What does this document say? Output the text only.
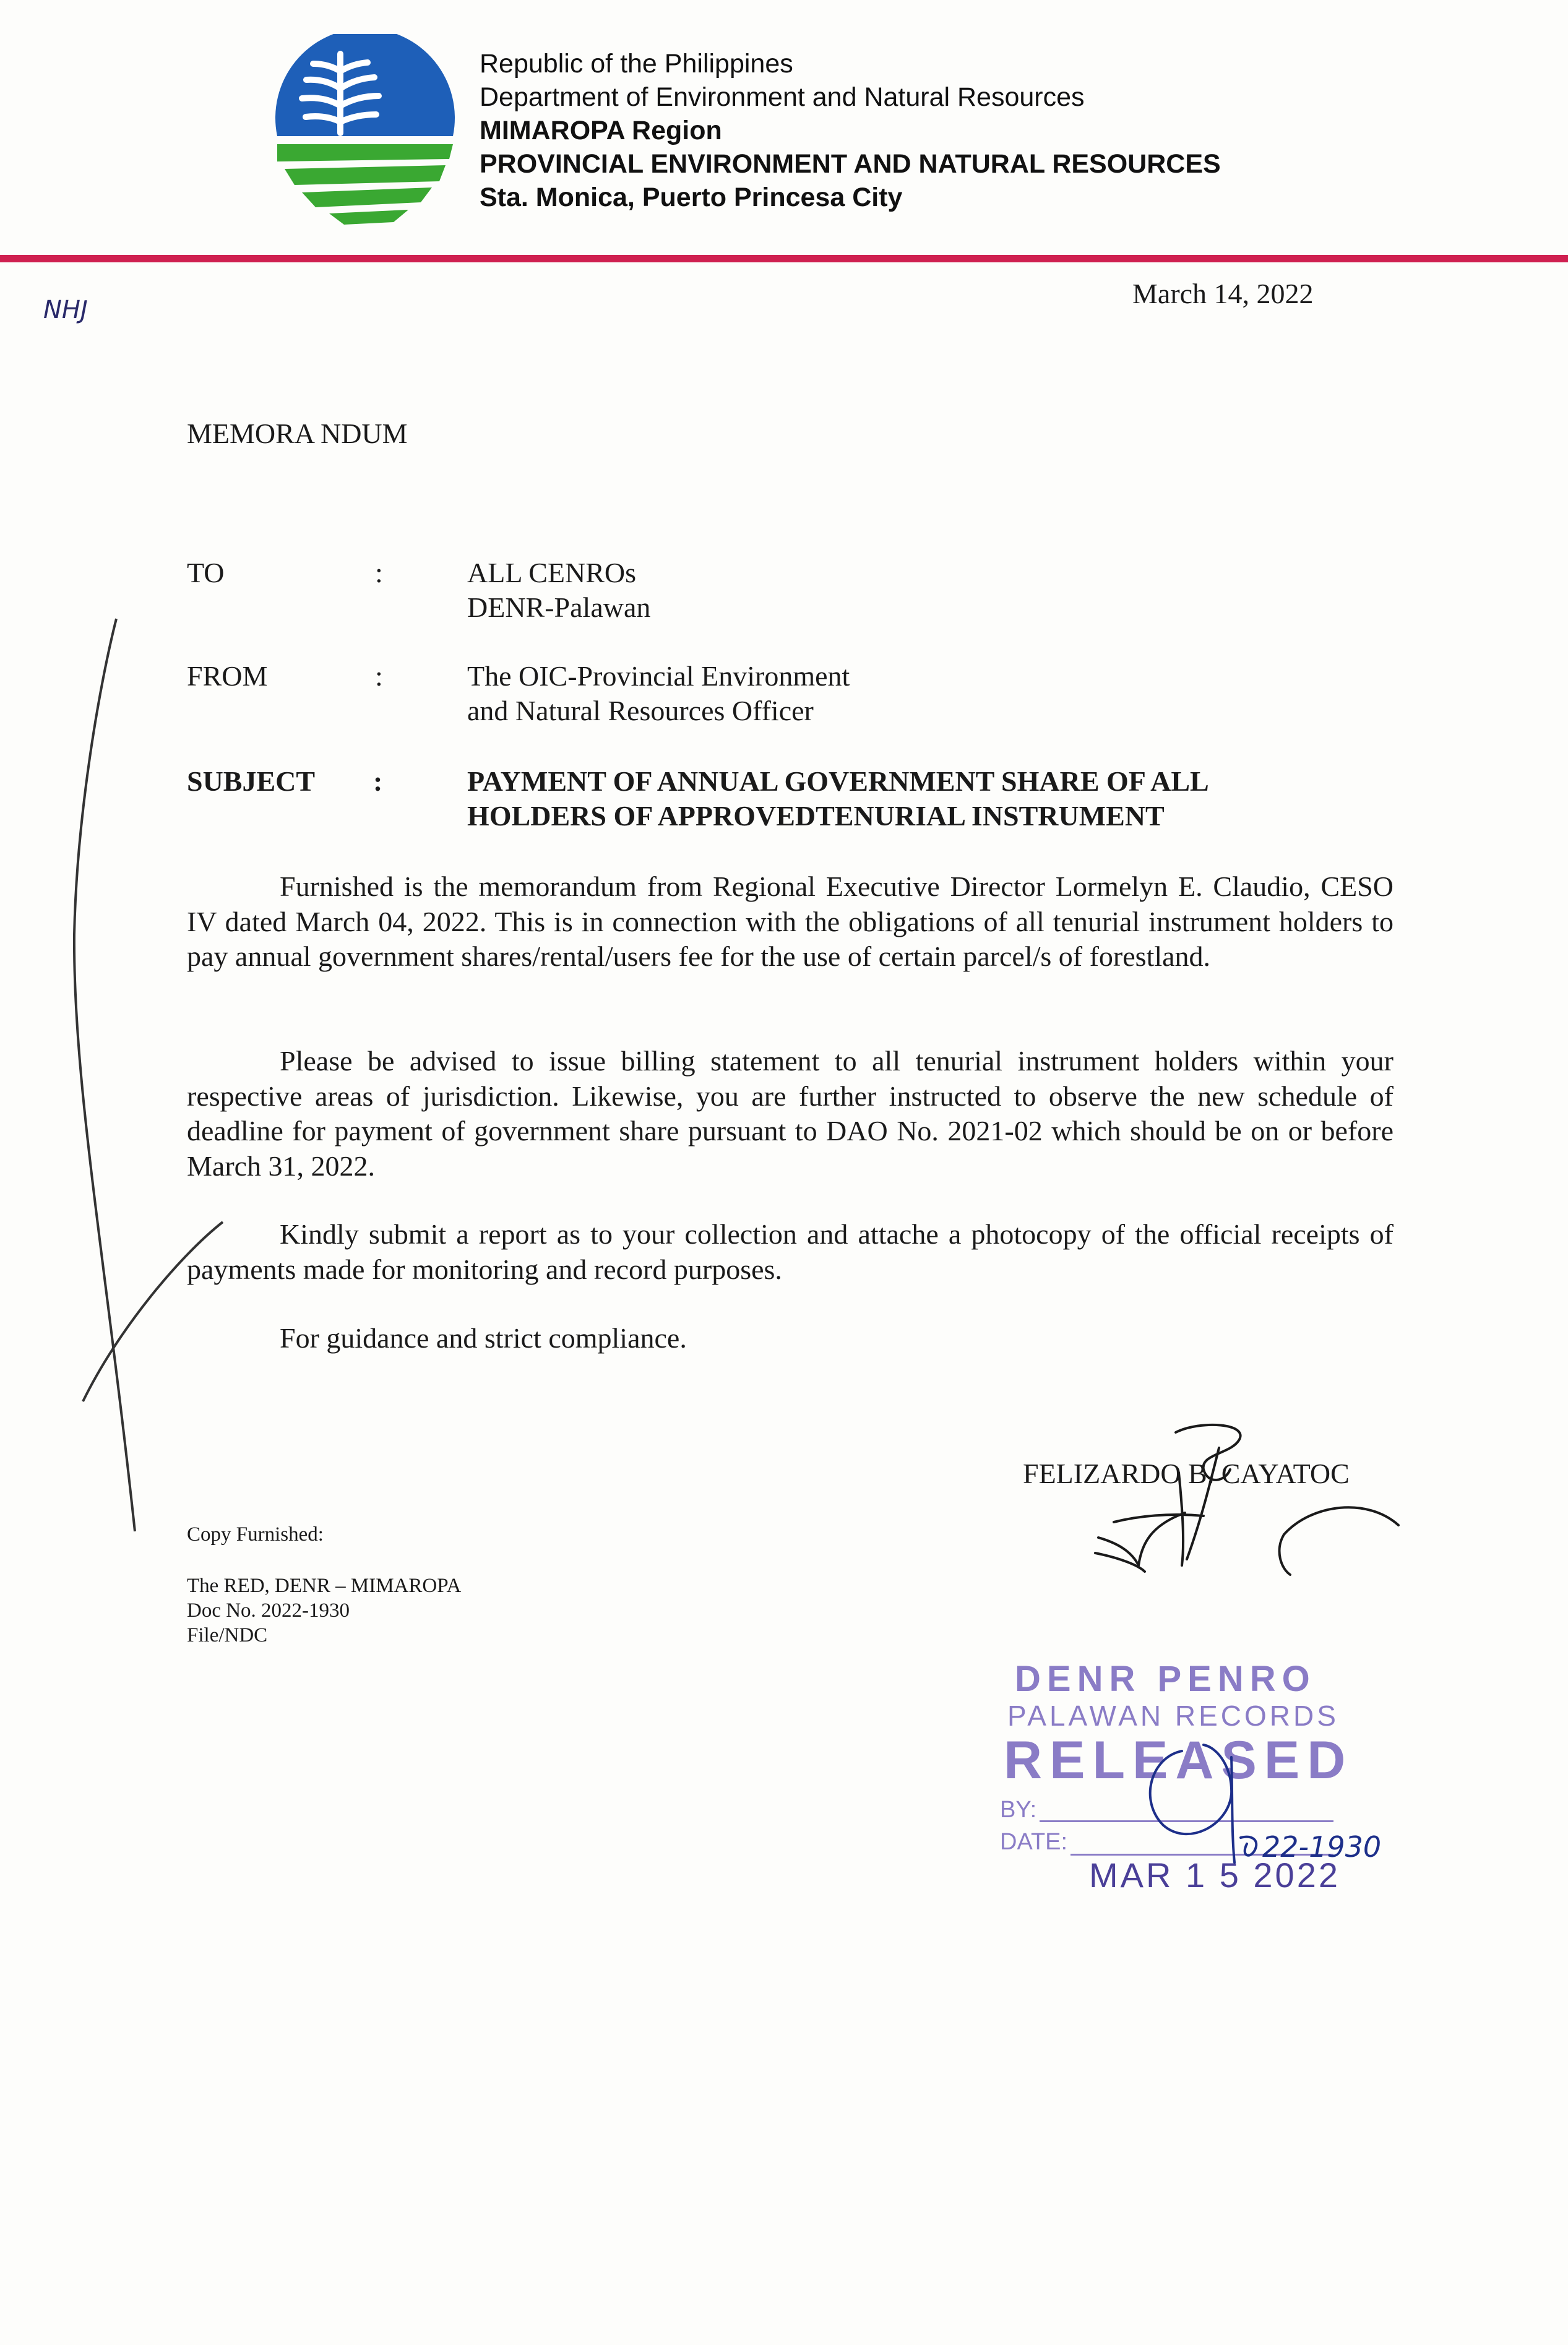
Republic of the Philippines
Department of Environment and Natural Resources
MIMAROPA Region
PROVINCIAL ENVIRONMENT AND NATURAL RESOURCES
Sta. Monica, Puerto Princesa City
NHJ
March 14, 2022
MEMORA NDUM
TO	:	ALL CENROs
DENR-Palawan
FROM	:	The OIC-Provincial Environment
and Natural Resources Officer
SUBJECT :	PAYMENT OF ANNUAL GOVERNMENT SHARE OF ALL
HOLDERS OF APPROVEDTENURIAL INSTRUMENT
Furnished is the memorandum from Regional Executive Director Lormelyn E. Claudio, CESO IV dated March 04, 2022. This is in connection with the obligations of all tenurial instrument holders to pay annual government shares/rental/users fee for the use of certain parcel/s of forestland.
Please be advised to issue billing statement to all tenurial instrument holders within your respective areas of jurisdiction. Likewise, you are further instructed to observe the new schedule of deadline for payment of government share pursuant to DAO No. 2021-02 which should be on or before March 31, 2022.
Kindly submit a report as to your collection and attache a photocopy of the official receipts of payments made for monitoring and record purposes.
For guidance and strict compliance.
FELIZARDO B. CAYATOC
Copy Furnished:
The RED, DENR – MIMAROPA
Doc No. 2022-1930
File/NDC
DENR PENRO
PALAWAN RECORDS
RELEASED
BY:
DATE:
MAR 1 5 2022
22-1930
